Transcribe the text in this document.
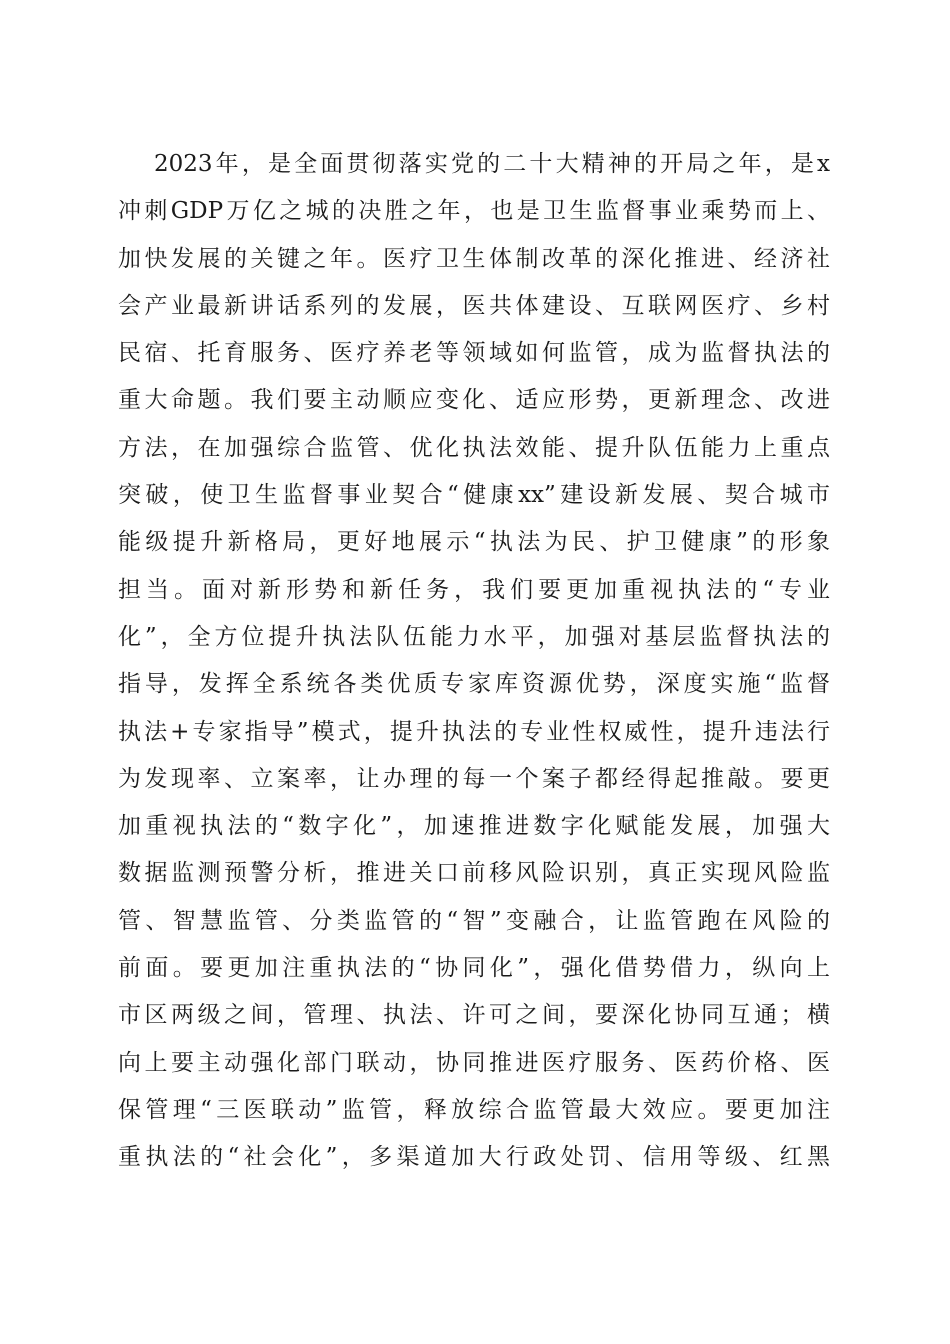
2023年，是全面贯彻落实党的二十大精神的开局之年，是x
冲刺GDP万亿之城的决胜之年，也是卫生监督事业乘势而上、
加快发展的关键之年。医疗卫生体制改革的深化推进、经济社
会产业最新讲话系列的发展，医共体建设、互联网医疗、乡村
民宿、托育服务、医疗养老等领域如何监管，成为监督执法的
重大命题。我们要主动顺应变化、适应形势，更新理念、改进
方法，在加强综合监管、优化执法效能、提升队伍能力上重点
突破，使卫生监督事业契合“健康xx”建设新发展、契合城市
能级提升新格局，更好地展示“执法为民、护卫健康”的形象
担当。面对新形势和新任务，我们要更加重视执法的“专业
化”，全方位提升执法队伍能力水平，加强对基层监督执法的
指导，发挥全系统各类优质专家库资源优势，深度实施“监督
执法+专家指导”模式，提升执法的专业性权威性，提升违法行
为发现率、立案率，让办理的每一个案子都经得起推敲。要更
加重视执法的“数字化”，加速推进数字化赋能发展，加强大
数据监测预警分析，推进关口前移风险识别，真正实现风险监
管、智慧监管、分类监管的“智”变融合，让监管跑在风险的
前面。要更加注重执法的“协同化”，强化借势借力，纵向上
市区两级之间，管理、执法、许可之间，要深化协同互通；横
向上要主动强化部门联动，协同推进医疗服务、医药价格、医
保管理“三医联动”监管，释放综合监管最大效应。要更加注
重执法的“社会化”，多渠道加大行政处罚、信用等级、红黑
